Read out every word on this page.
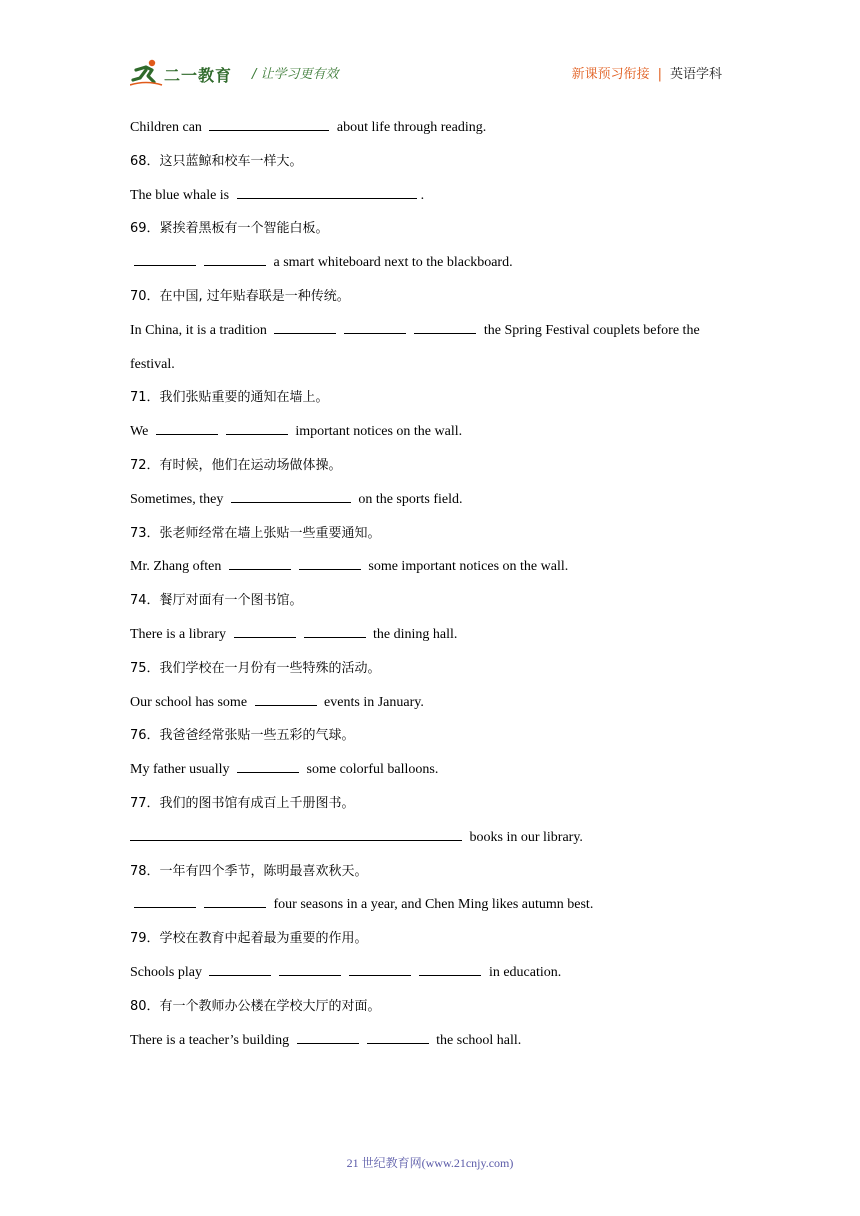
二一教育 / 让学习更有效	新课预习衔接 | 英语学科
Children can	about life through reading.
68．这只蓝鲸和校车一样大。
The blue whale is	.
69．紧挨着黑板有一个智能白板。
a smart whiteboard next to the blackboard.
70．在中国, 过年贴春联是一种传统。
In China, it is a tradition	the Spring Festival couplets before the
festival.
71．我们张贴重要的通知在墙上。
We	important notices on the wall.
72．有时候，他们在运动场做体操。
Sometimes, they	on the sports field.
73．张老师经常在墙上张贴一些重要通知。
Mr. Zhang often	some important notices on the wall.
74．餐厅对面有一个图书馆。
There is a library	the dining hall.
75．我们学校在一月份有一些特殊的活动。
Our school has some	events in January.
76．我爸爸经常张贴一些五彩的气球。
My father usually	some colorful balloons.
77．我们的图书馆有成百上千册图书。
books in our library.
78．一年有四个季节，陈明最喜欢秋天。
four seasons in a year, and Chen Ming likes autumn best.
79．学校在教育中起着最为重要的作用。
Schools play	in education.
80．有一个教师办公楼在学校大厅的对面。
There is a teacher’s building	the school hall.
21 世纪教育网(www.21cnjy.com)
